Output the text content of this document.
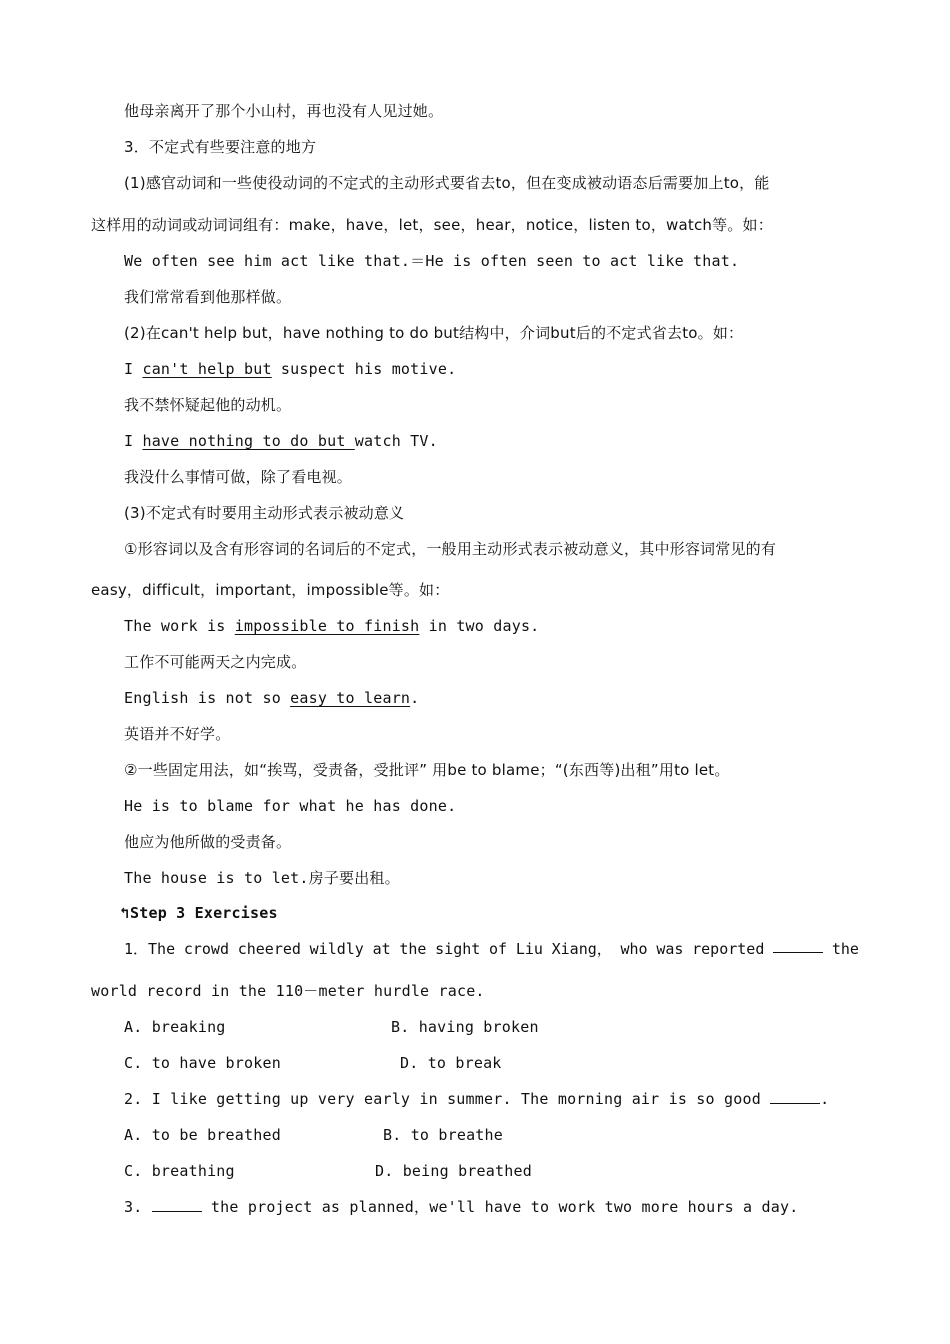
他母亲离开了那个小山村，再也没有人见过她。
3．不定式有些要注意的地方
(1)感官动词和一些使役动词的不定式的主动形式要省去to，但在变成被动语态后需要加上to，能
这样用的动词或动词词组有：make，have，let，see，hear，notice，listen to，watch等。如：
We often see him act like that.＝He is often seen to act like that.
我们常常看到他那样做。
(2)在can't help but，have nothing to do but结构中，介词but后的不定式省去to。如：
I can't help but suspect his motive.
我不禁怀疑起他的动机。
I have nothing to do but watch TV.
我没什么事情可做，除了看电视。
(3)不定式有时要用主动形式表示被动意义
①形容词以及含有形容词的名词后的不定式，一般用主动形式表示被动意义，其中形容词常见的有
easy，difficult，important，impossible等。如：
The work is impossible to finish in two days.
工作不可能两天之内完成。
English is not so easy to learn.
英语并不好学。
②一些固定用法，如“挨骂，受责备，受批评” 用be to blame；“(东西等)出租”用to let。
He is to blame for what he has done.
他应为他所做的受责备。
The house is to let.房子要出租。
↰Step 3 Exercises
1．The crowd cheered wildly at the sight of Liu Xiang， who was reported	the
world record in the 110－meter hurdle race.
A. breaking	B. having broken
C. to have broken	D. to break
2. I like getting up very early in summer. The morning air is so good	.
A. to be breathed	B. to breathe
C. breathing	D. being breathed
3.	the project as planned，we'll have to work two more hours a day.
